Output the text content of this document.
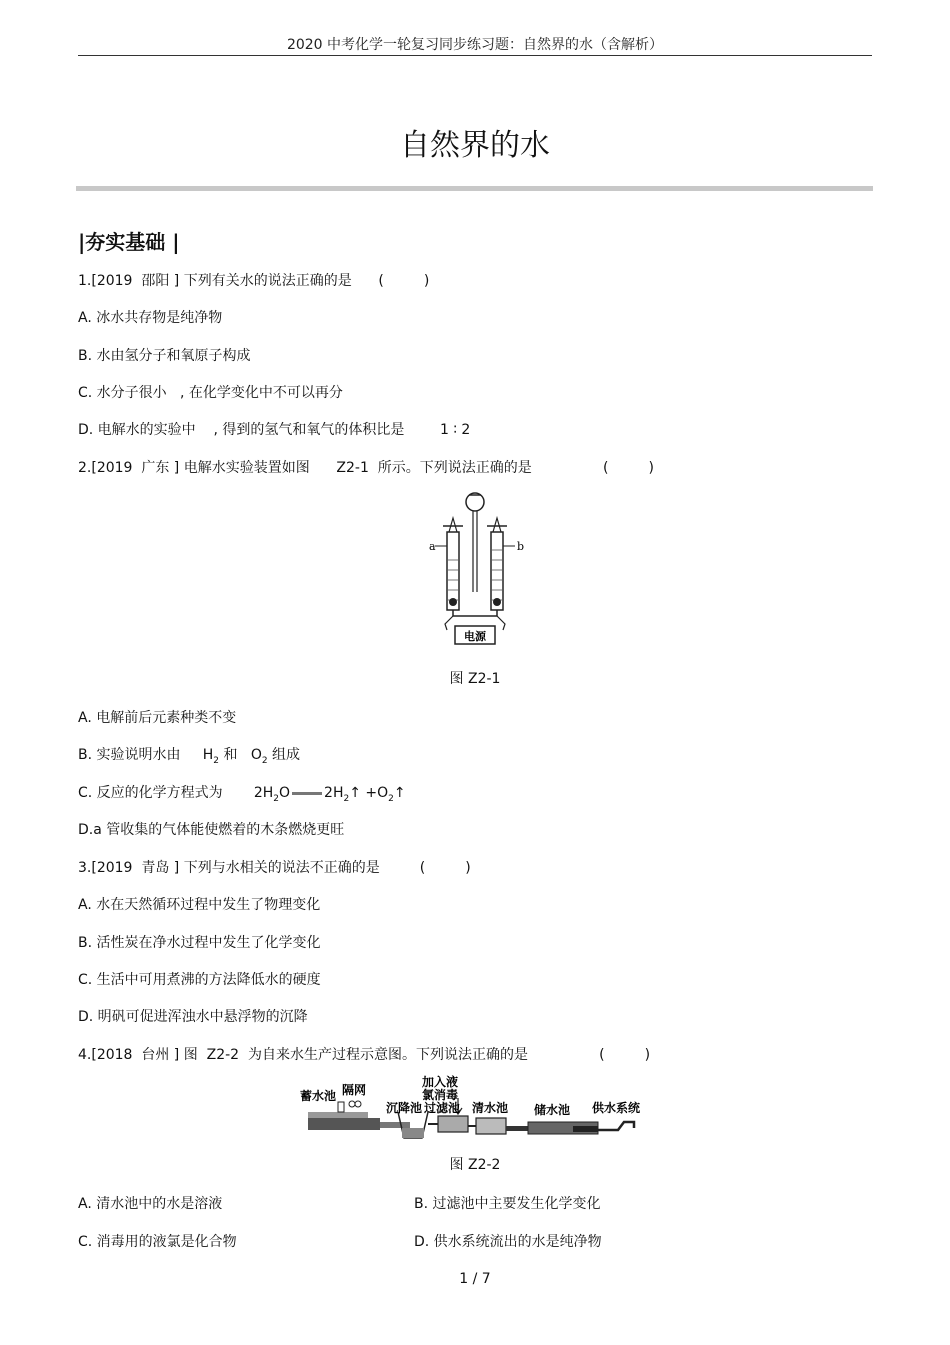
2020 中考化学一轮复习同步练习题：自然界的水（含解析）
自然界的水
|夯实基础 |
1.[2019  邵阳 ] 下列有关水的说法正确的是      (         )
A. 冰水共存物是纯净物
B. 水由氢分子和氧原子构成
C. 水分子很小   , 在化学变化中不可以再分
D. 电解水的实验中    , 得到的氢气和氧气的体积比是        1 ∶ 2
2.[2019  广东 ] 电解水实验装置如图      Z2-1  所示。下列说法正确的是                (         )
a	b
电源
图 Z2-1
A. 电解前后元素种类不变
B. 实验说明水由     $H_2$ 和   $O_2$ 组成
C. 反应的化学方程式为       $2H_2O$ $2H_2↑$ $+O_2↑$
D.a 管收集的气体能使燃着的木条燃烧更旺
3.[2019  青岛 ] 下列与水相关的说法不正确的是         (         )
A. 水在天然循环过程中发生了物理变化
B. 活性炭在净水过程中发生了化学变化
C. 生活中可用煮沸的方法降低水的硬度
D. 明矾可促进浑浊水中悬浮物的沉降
4.[2018  台州 ] 图  Z2-2  为自来水生产过程示意图。下列说法正确的是                (         )
蓄水池 隔网
加入液
氯消毒
沉降池 过滤池 清水池 储水池 供水系统
图 Z2-2
A. 清水池中的水是溶液	B. 过滤池中主要发生化学变化
C. 消毒用的液氯是化合物	D. 供水系统流出的水是纯净物
1 / 7
